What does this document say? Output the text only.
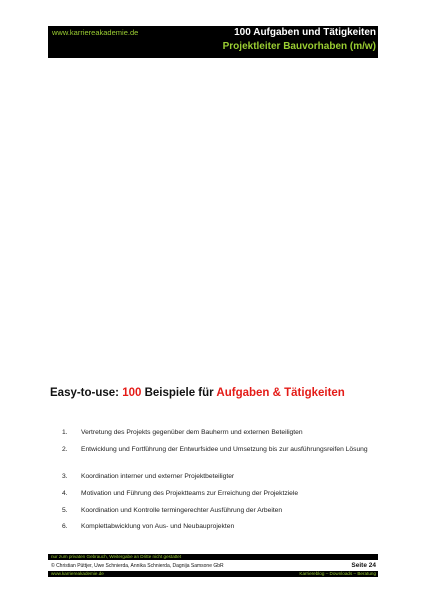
www.karriereakademie.de	100 Aufgaben und Tätigkeiten
Projektleiter Bauvorhaben (m/w)
Easy-to-use: 100 Beispiele für Aufgaben & Tätigkeiten
1. Vertretung des Projekts gegenüber dem Bauherrn und externen Beteiligten
2. Entwicklung und Fortführung der Entwurfsidee und Umsetzung bis zur ausführungsreifen Lösung
3. Koordination interner und externer Projektbeteiligter
4. Motivation und Führung des Projektteams zur Erreichung der Projektziele
5. Koordination und Kontrolle termingerechter Ausführung der Arbeiten
6. Komplettabwicklung von Aus- und Neubauprojekten
nur zum privaten Gebrauch, Weitergabe an Dritte nicht gestattet
© Christian Püttjer, Uwe Schnierda, Annika Schnierda, Dagnija Samsone GbR	Seite 24
www.karriereakademie.de	Karriereblog – Downloads – Beratung
